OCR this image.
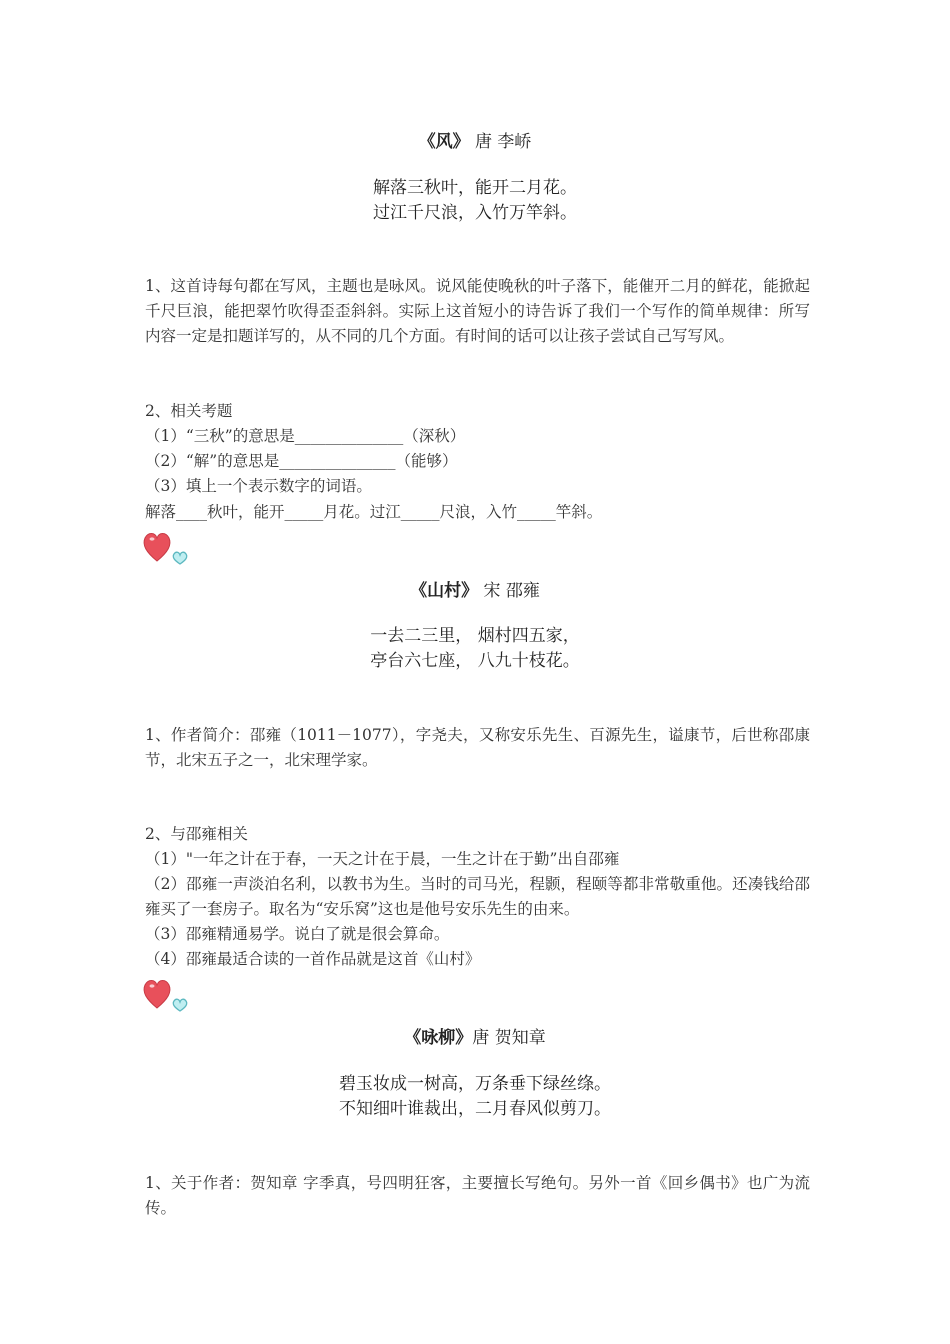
《风》 唐 李峤
解落三秋叶，能开二月花。
过江千尺浪，入竹万竿斜。
1、这首诗每句都在写风，主题也是咏风。说风能使晚秋的叶子落下，能催开二月的鲜花，能掀起千尺巨浪，能把翠竹吹得歪歪斜斜。实际上这首短小的诗告诉了我们一个写作的简单规律：所写内容一定是扣题详写的，从不同的几个方面。有时间的话可以让孩子尝试自己写写风。
2、相关考题
（1）“三秋”的意思是______________（深秋）
（2）“解”的意思是_______________（能够）
（3）填上一个表示数字的词语。
解落____秋叶，能开_____月花。过江_____尺浪，入竹_____竿斜。
《山村》 宋 邵雍
一去二三里， 烟村四五家，
亭台六七座， 八九十枝花。
1、作者简介：邵雍（1011－1077），字尧夫，又称安乐先生、百源先生，谥康节，后世称邵康节，北宋五子之一，北宋理学家。
2、与邵雍相关
（1）"一年之计在于春，一天之计在于晨，一生之计在于勤”出自邵雍
（2）邵雍一声淡泊名利，以教书为生。当时的司马光，程颢，程颐等都非常敬重他。还凑钱给邵雍买了一套房子。取名为“安乐窝”这也是他号安乐先生的由来。
（3）邵雍精通易学。说白了就是很会算命。
（4）邵雍最适合读的一首作品就是这首《山村》
《咏柳》唐 贺知章
碧玉妆成一树高，万条垂下绿丝绦。
不知细叶谁裁出，二月春风似剪刀。
1、关于作者：贺知章 字季真，号四明狂客，主要擅长写绝句。另外一首《回乡偶书》也广为流传。
